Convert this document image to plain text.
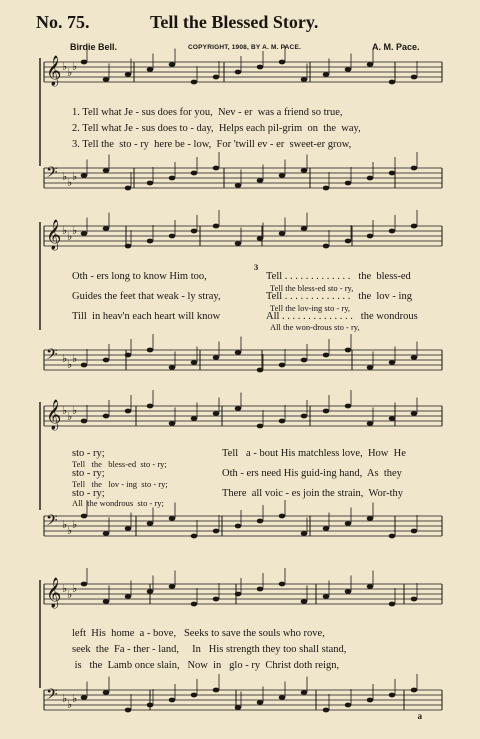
No. 75.	Tell the Blessed Story.
Birdie Bell.	COPYRIGHT, 1908, BY A. M. PACE.	A. M. Pace.
𝄞 ♭ ♭ ♭
𝄢 ♭ ♭ ♭
𝄞 ♭ ♭ ♭
𝄢 ♭ ♭ ♭
𝄞 ♭ ♭ ♭
𝄢 ♭ ♭ ♭
𝄞 ♭ ♭ ♭
𝄢 ♭ ♭ ♭
1. Tell what Je - sus does for you,  Nev - er  was a friend so true,
2. Tell what Je - sus does to - day,  Helps each pil-grim  on  the  way,
3. Tell the  sto - ry  here be - low,  For 'twill ev - er  sweet-er grow,
Oth - ers long to know Him too,
Guides the feet that weak - ly stray,
Till  in heav'n each heart will know
Tell . . . . . . . . . . . . .   the  bless-ed
Tell . . . . . . . . . . . . .   the  lov - ing
All . . . . . . . . . . . . . .   the wondrous
Tell the bless-ed sto - ry,
Tell the lov-ing sto - ry,
All the won-drous sto - ry,
3
sto - ry;
sto - ry;
sto - ry;
Tell   the   bless-ed  sto - ry;
Tell   the   lov - ing  sto - ry;
All  the wondrous  sto - ry;
Tell   a - bout His matchless love,  How  He
Oth - ers need His guid-ing hand,  As  they
There  all voic - es join the strain,  Wor-thy
left  His  home  a - bove,   Seeks to save the souls who rove,
seek  the  Fa - ther - land,     In   His strength they too shall stand,
is   the  Lamb once slain,   Now  in   glo - ry  Christ doth reign,
a
